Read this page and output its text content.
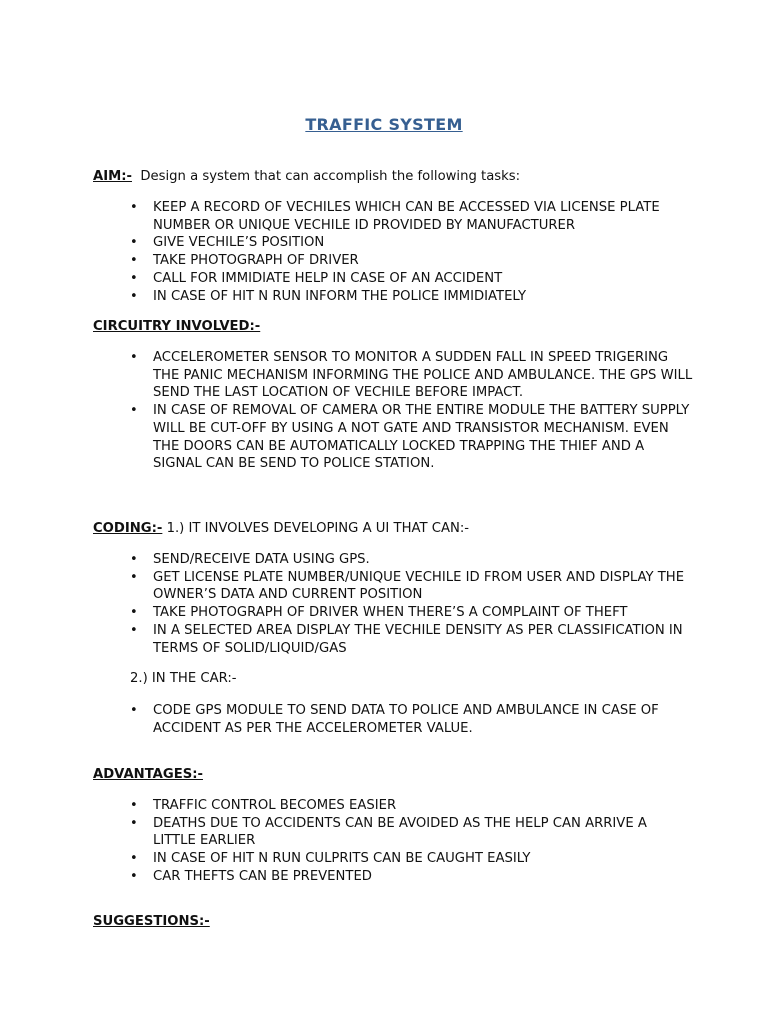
TRAFFIC SYSTEM
AIM:- Design a system that can accomplish the following tasks:
• KEEP A RECORD OF VECHILES WHICH CAN BE ACCESSED VIA LICENSE PLATE NUMBER OR UNIQUE VECHILE ID PROVIDED BY MANUFACTURER
• GIVE VECHILE’S POSITION
• TAKE PHOTOGRAPH OF DRIVER
• CALL FOR IMMIDIATE HELP IN CASE OF AN ACCIDENT
• IN CASE OF HIT N RUN INFORM THE POLICE IMMIDIATELY
CIRCUITRY INVOLVED:-
• ACCELEROMETER SENSOR TO MONITOR A SUDDEN FALL IN SPEED TRIGERING THE PANIC MECHANISM INFORMING THE POLICE AND AMBULANCE. THE GPS WILL SEND THE LAST LOCATION OF VECHILE BEFORE IMPACT.
• IN CASE OF REMOVAL OF CAMERA OR THE ENTIRE MODULE THE BATTERY SUPPLY WILL BE CUT-OFF BY USING A NOT GATE AND TRANSISTOR MECHANISM. EVEN THE DOORS CAN BE AUTOMATICALLY LOCKED TRAPPING THE THIEF AND A SIGNAL CAN BE SEND TO POLICE STATION.
CODING:- 1.) IT INVOLVES DEVELOPING A UI THAT CAN:-
• SEND/RECEIVE DATA USING GPS.
• GET LICENSE PLATE NUMBER/UNIQUE VECHILE ID FROM USER AND DISPLAY THE OWNER’S DATA AND CURRENT POSITION
• TAKE PHOTOGRAPH OF DRIVER WHEN THERE’S A COMPLAINT OF THEFT
• IN A SELECTED AREA DISPLAY THE VECHILE DENSITY AS PER CLASSIFICATION IN TERMS OF SOLID/LIQUID/GAS
2.) IN THE CAR:-
• CODE GPS MODULE TO SEND DATA TO POLICE AND AMBULANCE IN CASE OF ACCIDENT AS PER THE ACCELEROMETER VALUE.
ADVANTAGES:-
• TRAFFIC CONTROL BECOMES EASIER
• DEATHS DUE TO ACCIDENTS CAN BE AVOIDED AS THE HELP CAN ARRIVE A LITTLE EARLIER
• IN CASE OF HIT N RUN CULPRITS CAN BE CAUGHT EASILY
• CAR THEFTS CAN BE PREVENTED
SUGGESTIONS:-
